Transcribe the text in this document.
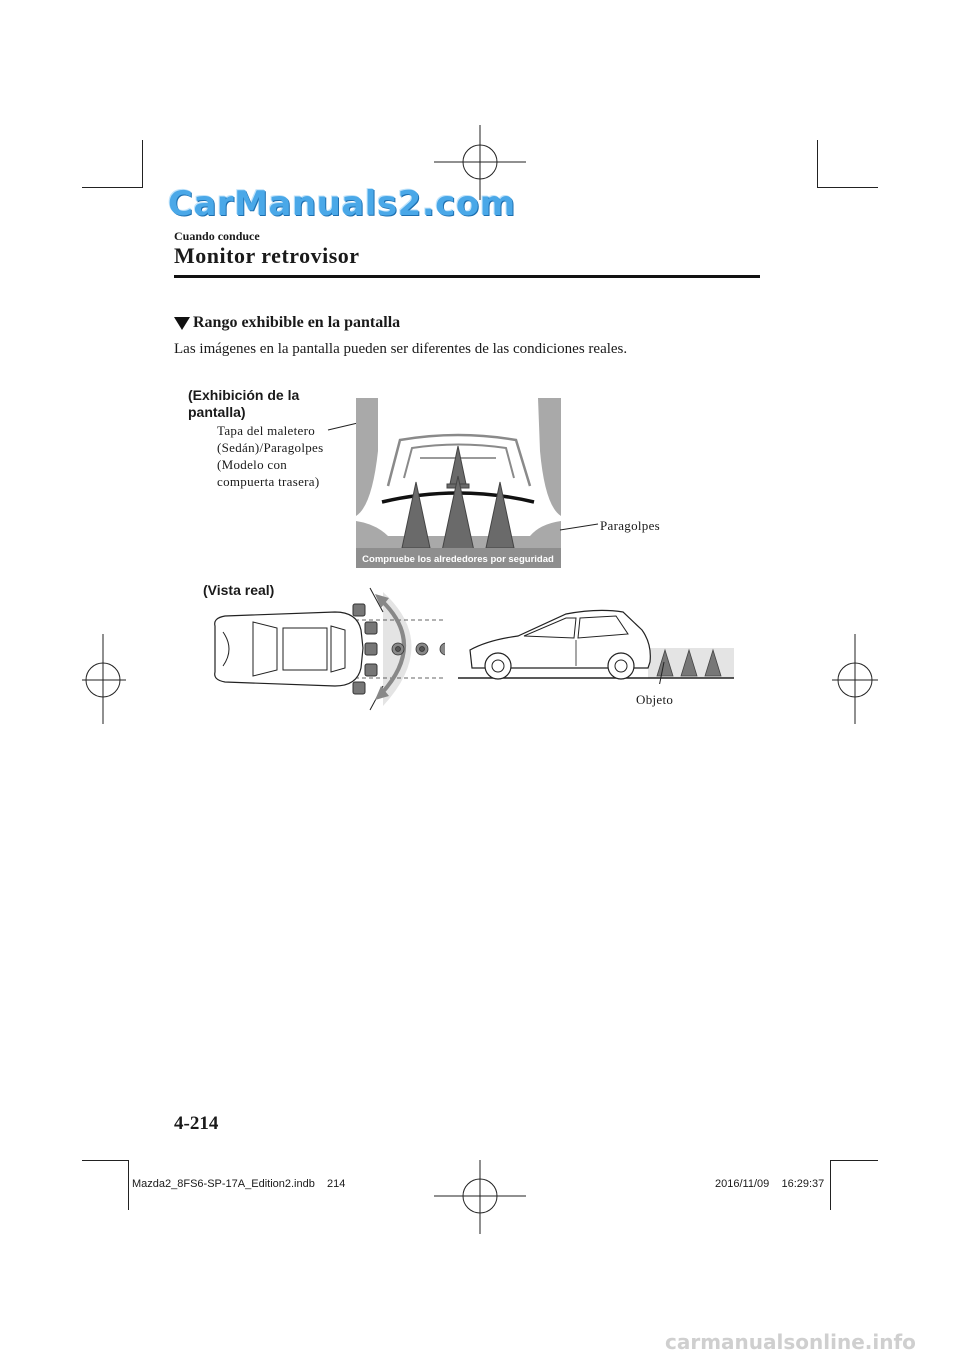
CarManuals2.com
Cuando conduce
Monitor retrovisor
Rango exhibible en la pantalla
Las imágenes en la pantalla pueden ser diferentes de las condiciones reales.
(Exhibición de la pantalla)
Tapa del maletero
(Sedán)/Paragolpes
(Modelo con
compuerta trasera)
Compruebe los alrededores por seguridad
Paragolpes
(Vista real)
Objeto
4-214
Mazda2_8FS6-SP-17A_Edition2.indb    214	2016/11/09    16:29:37
carmanualsonline.info
